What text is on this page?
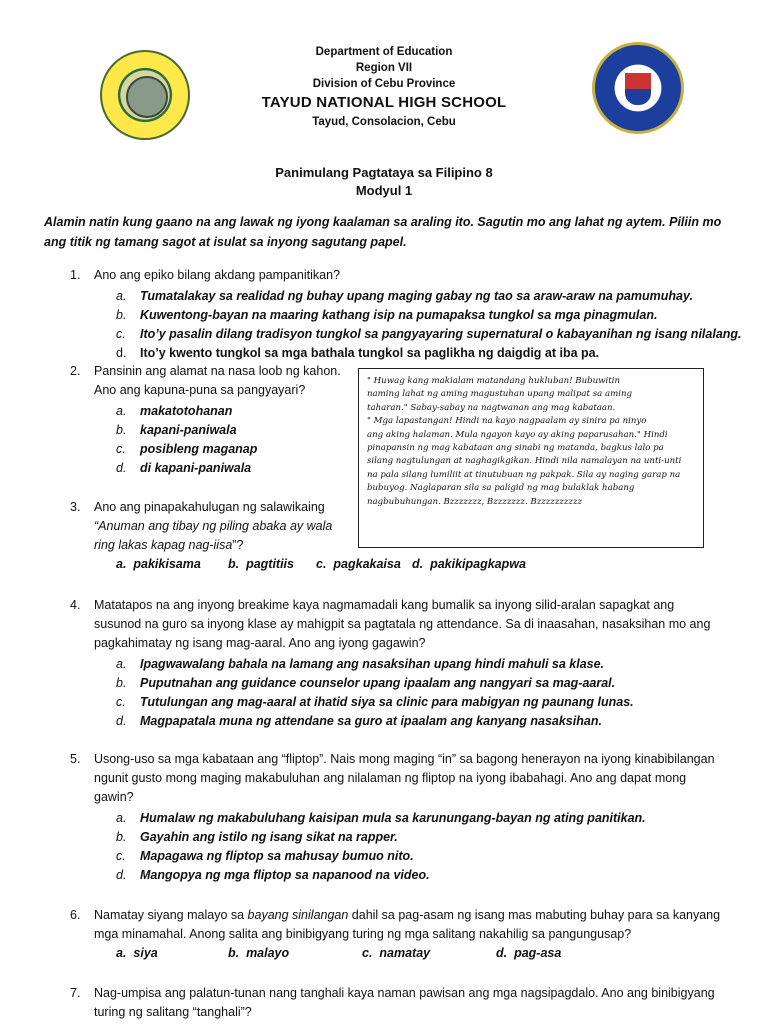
Department of Education
Region VII
Division of Cebu Province
TAYUD NATIONAL HIGH SCHOOL
Tayud, Consolacion, Cebu
Panimulang Pagtataya sa Filipino 8
Modyul 1
Alamin natin kung gaano na ang lawak ng iyong kaalaman sa araling ito. Sagutin mo ang lahat ng aytem. Piliin mo ang titik ng tamang sagot at isulat sa inyong sagutang papel.
1.	Ano ang epiko bilang akdang pampanitikan?
a. Tumatalakay sa realidad ng buhay upang maging gabay ng tao sa araw-araw na pamumuhay.
b. Kuwentong-bayan na maaring kathang isip na pumapaksa tungkol sa mga pinagmulan.
c. Ito’y pasalin dilang tradisyon tungkol sa pangyayaring supernatural o kabayanihan ng isang nilalang.
d. Ito’y kwento tungkol sa mga bathala tungkol sa paglikha ng daigdig at iba pa.
2.	Pansinin ang alamat na nasa loob ng kahon.
Ano ang kapuna-puna sa pangyayari?
a. makatotohanan
b. kapani-paniwala
c. posibleng maganap
d. di kapani-paniwala
" Huwag kang makialam matandang hukluban! Bubuwitin
naming lahat ng aming magustuhan upang malipat sa aming
taharan." Sabay-sabay na nagtwanan ang mag kabataan.
" Mga lapastangan! Hindi na kayo nagpaalam ay sinira pa ninyo
ang aking halaman. Mula ngayon kayo ay aking paparusahan." Hindi
pinapansin ng mag kabataan ang sinabi ng matanda, bagkus lalo pa
silang nagtulungan at naghagikgikan. Hindi nila namalayan na unti-unti
na pala silang lumiliit at tinutubuan ng pakpak. Sila ay naging garap na
bubuyog. Naglaparan sila sa paligid ng mag bulaklak habang
nagbubuhungan. Bzzzzzzz, Bzzzzzzz. Bzzzzzzzzzz
3.	Ano ang pinapakahulugan ng salawikaing
“Anuman ang tibay ng piling abaka ay wala
ring lakas kapag nag-iisa”?
a. pakikisama b. pagtitiis c. pagkakaisa d. pakikipagkapwa
4.	Matatapos na ang inyong breakime kaya nagmamadali kang bumalik sa inyong silid-aralan sapagkat ang
susunod na guro sa inyong klase ay mahigpit sa pagtatala ng attendance. Sa di inaasahan, nasaksihan mo ang
pagkahimatay ng isang mag-aaral. Ano ang iyong gagawin?
a. Ipagwawalang bahala na lamang ang nasaksihan upang hindi mahuli sa klase.
b. Puputnahan ang guidance counselor upang ipaalam ang nangyari sa mag-aaral.
c. Tutulungan ang mag-aaral at ihatid siya sa clinic para mabigyan ng paunang lunas.
d. Magpapatala muna ng attendane sa guro at ipaalam ang kanyang nasaksihan.
5.	Usong-uso sa mga kabataan ang “fliptop”. Nais mong maging “in” sa bagong henerayon na iyong kinabibilangan
ngunit gusto mong maging makabuluhan ang nilalaman ng fliptop na iyong ibabahagi. Ano ang dapat mong
gawin?
a. Humalaw ng makabuluhang kaisipan mula sa karunungang-bayan ng ating panitikan.
b. Gayahin ang istilo ng isang sikat na rapper.
c. Mapagawa ng fliptop sa mahusay bumuo nito.
d. Mangopya ng mga fliptop sa napanood na video.
6.	Namatay siyang malayo sa bayang sinilangan dahil sa pag-asam ng isang mas mabuting buhay para sa kanyang
mga minamahal. Anong salita ang binibigyang turing ng mga salitang nakahilig sa pangungusap?
a. siya	b. malayo	c. namatay	d. pag-asa
7.	Nag-umpisa ang palatun-tunan nang tanghali kaya naman pawisan ang mga nagsipagdalo. Ano ang binibigyang
turing ng salitang “tanghali”?
